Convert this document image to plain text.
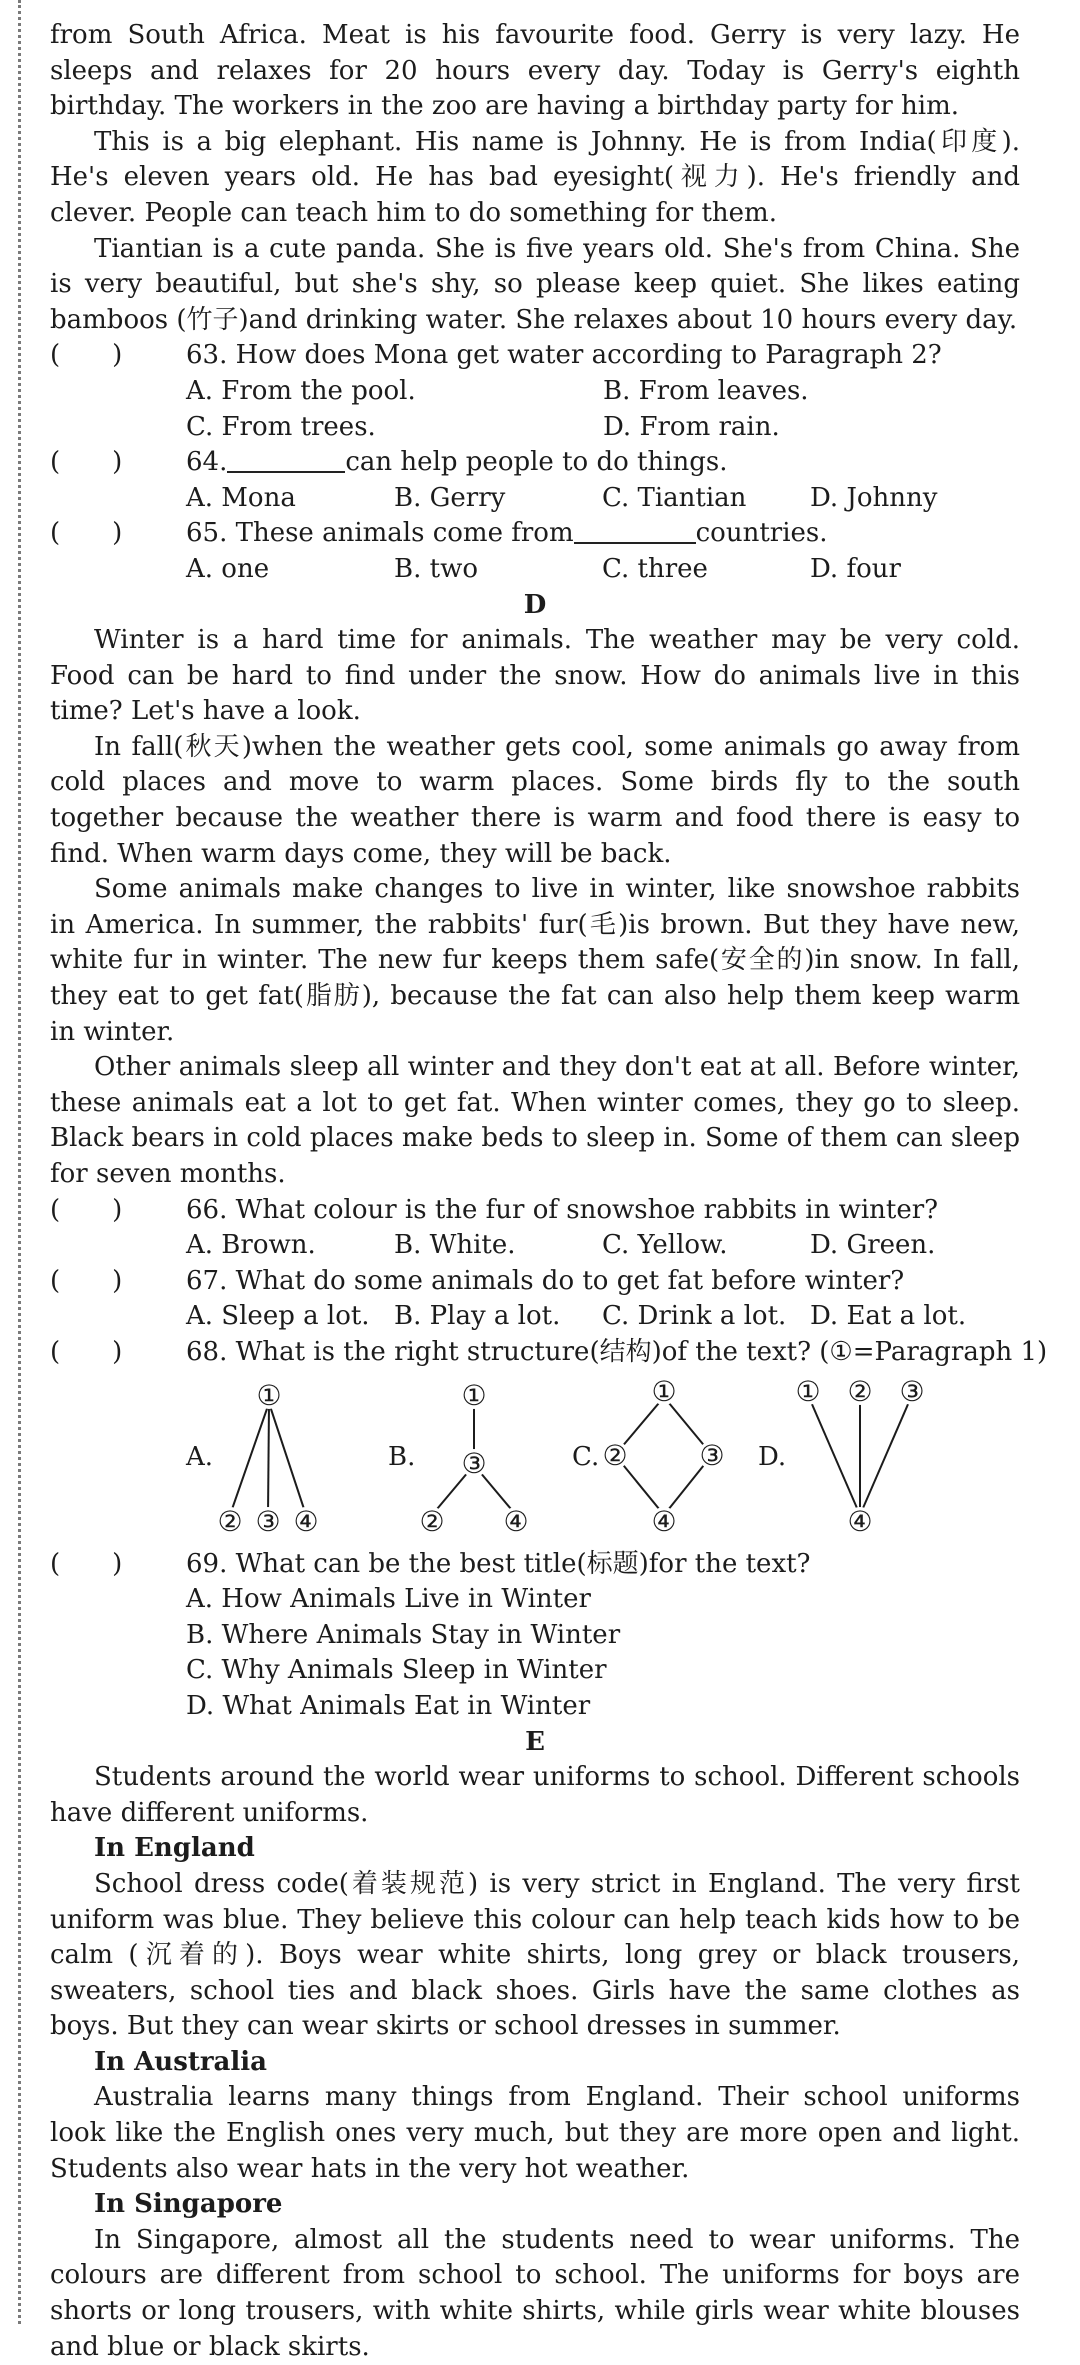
from South Africa. Meat is his favourite food. Gerry is very lazy. He sleeps and relaxes for 20 hours every day. Today is Gerry's eighth birthday. The workers in the zoo are having a birthday party for him.

This is a big elephant. His name is Johnny. He is from India(印度). He's eleven years old. He has bad eyesight(视力). He's friendly and clever. People can teach him to do something for them.

Tiantian is a cute panda. She is five years old. She's from China. She is very beautiful, but she's shy, so please keep quiet. She likes eating bamboos (竹子)and drinking water. She relaxes about 10 hours every day.

(　　)	63. How does Mona get water according to Paragraph 2?
A. From the pool.	B. From leaves.
C. From trees.	D. From rain.
(　　)	64.	can help people to do things.
A. Mona	B. Gerry	C. Tiantian	D. Johnny
(　　)	65. These animals come from	countries.
A. one	B. two	C. three	D. four
D

Winter is a hard time for animals. The weather may be very cold. Food can be hard to find under the snow. How do animals live in this time? Let's have a look.

In fall(秋天)when the weather gets cool, some animals go away from cold places and move to warm places. Some birds fly to the south together because the weather there is warm and food there is easy to find. When warm days come, they will be back.

Some animals make changes to live in winter, like snowshoe rabbits in America. In summer, the rabbits' fur(毛)is brown. But they have new, white fur in winter. The new fur keeps them safe(安全的)in snow. In fall, they eat to get fat(脂肪), because the fat can also help them keep warm in winter.

Other animals sleep all winter and they don't eat at all. Before winter, these animals eat a lot to get fat. When winter comes, they go to sleep. Black bears in cold places make beds to sleep in. Some of them can sleep for seven months.

(　　)	66. What colour is the fur of snowshoe rabbits in winter?
A. Brown.	B. White.	C. Yellow.	D. Green.
(　　)	67. What do some animals do to get fat before winter?
A. Sleep a lot. B. Play a lot.	C. Drink a lot. D. Eat a lot.
(　　)	68. What is the right structure(结构)of the text? (①=Paragraph 1)
①
② ③ ④
①
③
② ④
①
②	③
④
① ② ③
④
A.	B.	C.	D.
(　　)	69. What can be the best title(标题)for the text?
A. How Animals Live in Winter
B. Where Animals Stay in Winter
C. Why Animals Sleep in Winter
D. What Animals Eat in Winter
E

Students around the world wear uniforms to school. Different schools have different uniforms.

In England

School dress code(着装规范) is very strict in England. The very first uniform was blue. They believe this colour can help teach kids how to be calm (沉着的). Boys wear white shirts, long grey or black trousers, sweaters, school ties and black shoes. Girls have the same clothes as boys. But they can wear skirts or school dresses in summer.

In Australia

Australia learns many things from England. Their school uniforms look like the English ones very much, but they are more open and light. Students also wear hats in the very hot weather.

In Singapore

In Singapore, almost all the students need to wear uniforms. The colours are different from school to school. The uniforms for boys are shorts or long trousers, with white shirts, while girls wear white blouses and blue or black skirts.
